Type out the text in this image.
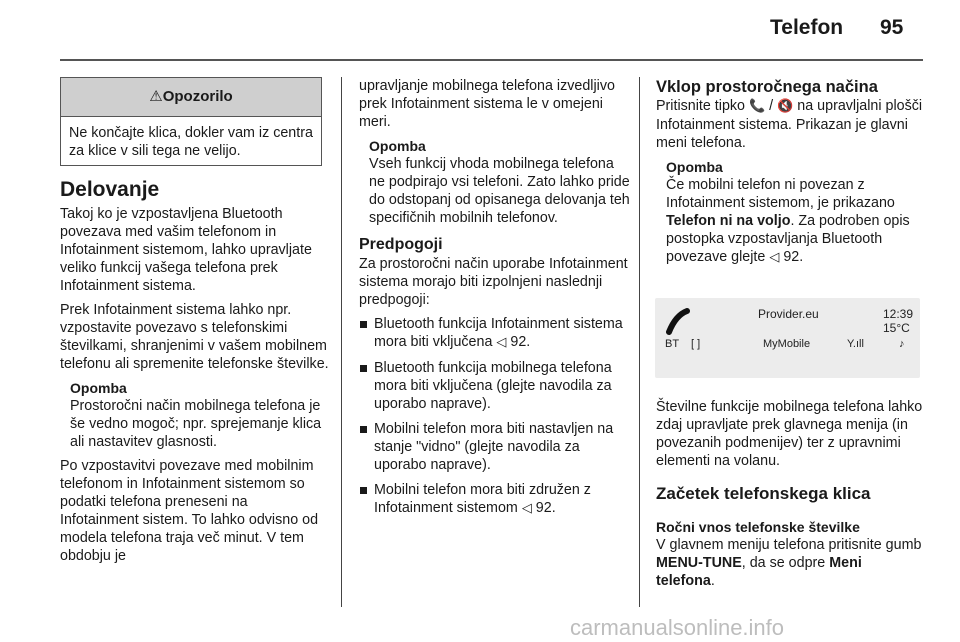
Telefon 95
⚠Opozorilo
Ne končajte klica, dokler vam iz centra za klice v sili tega ne velijo.
Delovanje

Takoj ko je vzpostavljena Bluetooth povezava med vašim telefonom in Infotainment sistemom, lahko upravljate veliko funkcij vašega telefona prek Infotainment sistema.

Prek Infotainment sistema lahko npr. vzpostavite povezavo s telefonskimi številkami, shranjenimi v vašem mobilnem telefonu ali spremenite telefonske številke.

Opomba
Prostoročni način mobilnega telefona je še vedno mogoč; npr. sprejemanje klica ali nastavitev glasnosti.

Po vzpostavitvi povezave med mobilnim telefonom in Infotainment sistemom so podatki telefona preneseni na Infotainment sistem. To lahko odvisno od modela telefona traja več minut. V tem obdobju je

upravljanje mobilnega telefona izvedljivo prek Infotainment sistema le v omejeni meri.

Opomba
Vseh funkcij vhoda mobilnega telefona ne podpirajo vsi telefoni. Zato lahko pride do odstopanj od opisanega delovanja teh specifičnih mobilnih telefonov.
Predpogoji

Za prostoročni način uporabe Infotainment sistema morajo biti izpolnjeni naslednji predpogoji:

Bluetooth funkcija Infotainment sistema mora biti vključena ◁ 92.
Bluetooth funkcija mobilnega telefona mora biti vključena (glejte navodila za uporabo naprave).
Mobilni telefon mora biti nastavljen na stanje "vidno" (glejte navodila za uporabo naprave).
Mobilni telefon mora biti združen z Infotainment sistemom ◁ 92.
Vklop prostoročnega načina

Pritisnite tipko 📞 / 🔇 na upravljalni plošči Infotainment sistema. Prikazan je glavni meni telefona.

Opomba
Če mobilni telefon ni povezan z Infotainment sistemom, je prikazano Telefon ni na voljo. Za podroben opis postopka vzpostavljanja Bluetooth povezave glejte ◁ 92.
Provider.eu	12:39
15°C
BT [ ]	MyMobile	Y.ıll	♪

Številne funkcije mobilnega telefona lahko zdaj upravljate prek glavnega menija (in povezanih podmenijev) ter z upravnimi elementi na volanu.

Začetek telefonskega klica
Ročni vnos telefonske številke

V glavnem meniju telefona pritisnite gumb MENU-TUNE, da se odpre Meni telefona.

carmanualsonline.info
